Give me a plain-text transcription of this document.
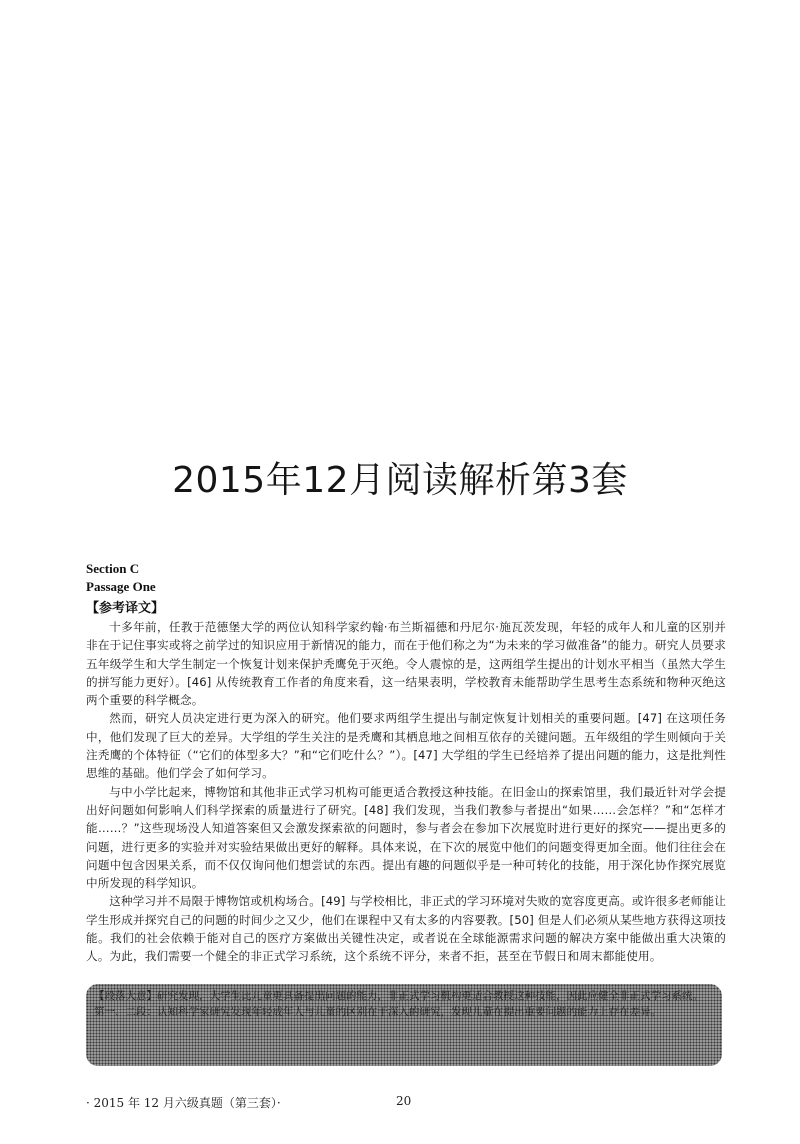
2015年12月阅读解析第3套
Section C
Passage One
【参考译文】

十多年前，任教于范德堡大学的两位认知科学家约翰·布兰斯福德和丹尼尔·施瓦茨发现，年轻的成年人和儿童的区别并非在于记住事实或将之前学过的知识应用于新情况的能力，而在于他们称之为“为未来的学习做准备”的能力。研究人员要求五年级学生和大学生制定一个恢复计划来保护秃鹰免于灭绝。令人震惊的是，这两组学生提出的计划水平相当（虽然大学生的拼写能力更好）。[46] 从传统教育工作者的角度来看，这一结果表明，学校教育未能帮助学生思考生态系统和物种灭绝这两个重要的科学概念。

然而，研究人员决定进行更为深入的研究。他们要求两组学生提出与制定恢复计划相关的重要问题。[47] 在这项任务中，他们发现了巨大的差异。大学组的学生关注的是秃鹰和其栖息地之间相互依存的关键问题。五年级组的学生则倾向于关注秃鹰的个体特征（“它们的体型多大？”和“它们吃什么？”）。[47] 大学组的学生已经培养了提出问题的能力，这是批判性思维的基础。他们学会了如何学习。

与中小学比起来，博物馆和其他非正式学习机构可能更适合教授这种技能。在旧金山的探索馆里，我们最近针对学会提出好问题如何影响人们科学探索的质量进行了研究。[48] 我们发现，当我们教参与者提出“如果……会怎样？”和“怎样才能……？”这些现场没人知道答案但又会激发探索欲的问题时，参与者会在参加下次展览时进行更好的探究——提出更多的问题，进行更多的实验并对实验结果做出更好的解释。具体来说，在下次的展览中他们的问题变得更加全面。他们往往会在问题中包含因果关系，而不仅仅询问他们想尝试的东西。提出有趣的问题似乎是一种可转化的技能，用于深化协作探究展览中所发现的科学知识。

这种学习并不局限于博物馆或机构场合。[49] 与学校相比，非正式的学习环境对失败的宽容度更高。或许很多老师能让学生形成并探究自己的问题的时间少之又少，他们在课程中又有太多的内容要教。[50] 但是人们必须从某些地方获得这项技能。我们的社会依赖于能对自己的医疗方案做出关键性决定，或者说在全球能源需求问题的解决方案中能做出重大决策的人。为此，我们需要一个健全的非正式学习系统，这个系统不评分，来者不拒，甚至在节假日和周末都能使用。

【段落大意】研究发现，大学生比儿童更具备提出问题的能力，非正式学习机构更适合教授这种技能，因此应健全非正式学习系统。
第一、二段：认知科学家研究发现年轻成年人与儿童的区别在于深入的研究，发现儿童在提出重要问题的能力上存在差异。
· 2015 年 12 月六级真题（第三套）·	20
